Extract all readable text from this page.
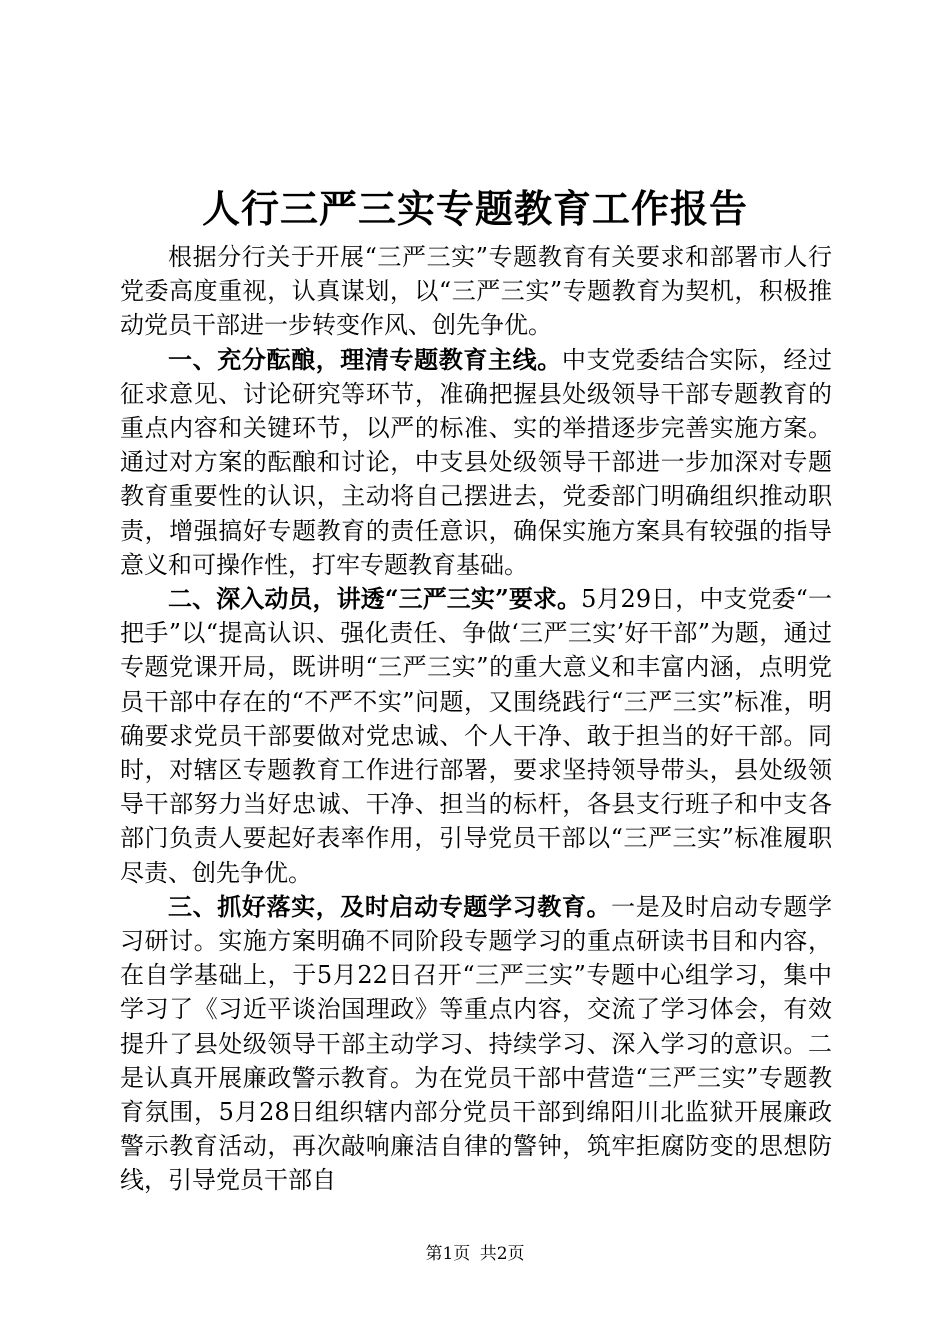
人行三严三实专题教育工作报告

根据分行关于开展“三严三实”专题教育有关要求和部署市人行党委高度重视，认真谋划，以“三严三实”专题教育为契机，积极推动党员干部进一步转变作风、创先争优。

一、充分酝酿，理清专题教育主线。中支党委结合实际，经过征求意见、讨论研究等环节，准确把握县处级领导干部专题教育的重点内容和关键环节，以严的标准、实的举措逐步完善实施方案。通过对方案的酝酿和讨论，中支县处级领导干部进一步加深对专题教育重要性的认识，主动将自己摆进去，党委部门明确组织推动职责，增强搞好专题教育的责任意识，确保实施方案具有较强的指导意义和可操作性，打牢专题教育基础。

二、深入动员，讲透“三严三实”要求。5月29日，中支党委“一把手”以“提高认识、强化责任、争做‘三严三实’好干部”为题，通过专题党课开局，既讲明“三严三实”的重大意义和丰富内涵，点明党员干部中存在的“不严不实”问题，又围绕践行“三严三实”标准，明确要求党员干部要做对党忠诚、个人干净、敢于担当的好干部。同时，对辖区专题教育工作进行部署，要求坚持领导带头，县处级领导干部努力当好忠诚、干净、担当的标杆，各县支行班子和中支各部门负责人要起好表率作用，引导党员干部以“三严三实”标准履职尽责、创先争优。

三、抓好落实，及时启动专题学习教育。一是及时启动专题学习研讨。实施方案明确不同阶段专题学习的重点研读书目和内容，在自学基础上，于5月22日召开“三严三实”专题中心组学习，集中学习了《习近平谈治国理政》等重点内容，交流了学习体会，有效提升了县处级领导干部主动学习、持续学习、深入学习的意识。二是认真开展廉政警示教育。为在党员干部中营造“三严三实”专题教育氛围，5月28日组织辖内部分党员干部到绵阳川北监狱开展廉政警示教育活动，再次敲响廉洁自律的警钟，筑牢拒腐防变的思想防线，引导党员干部自

第1页 共2页
